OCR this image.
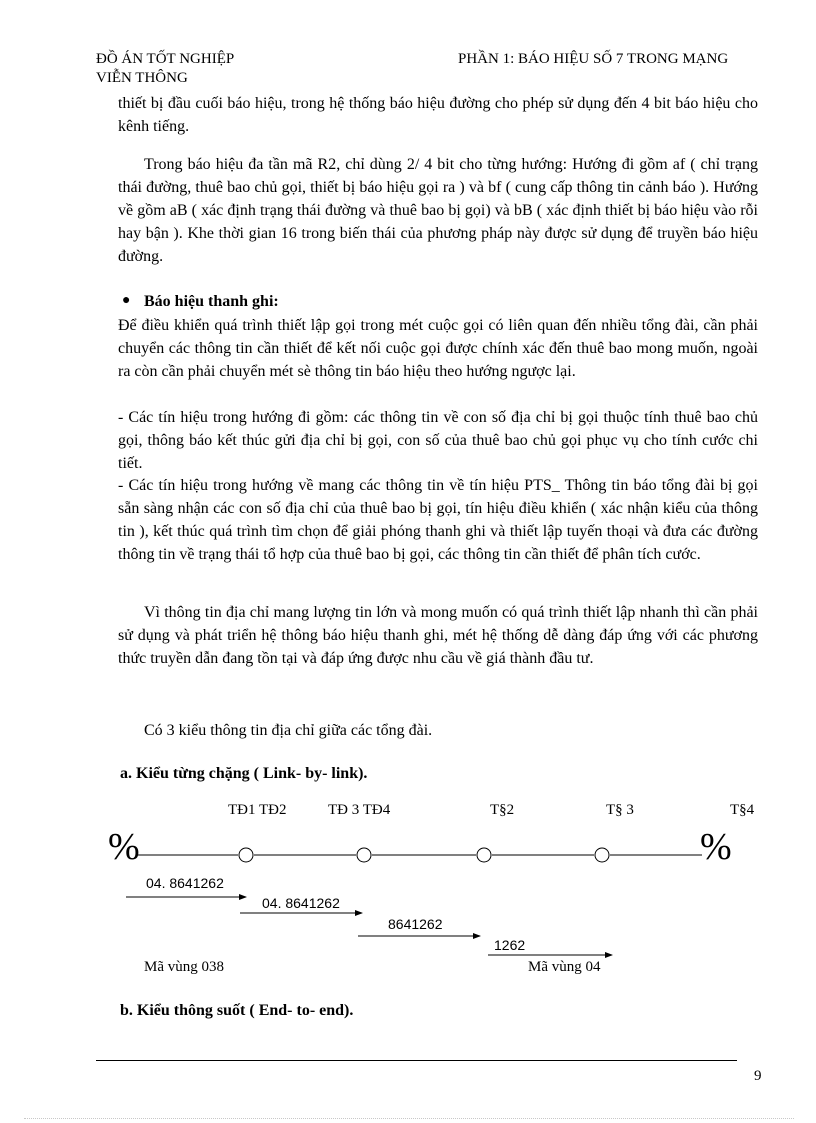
ĐỒ ÁN TỐT NGHIỆP
VIỄN THÔNG
PHẦN 1: BÁO HIỆU SỐ 7 TRONG MẠNG

thiết bị đầu cuối báo hiệu, trong hệ thống báo hiệu đường cho phép sử dụng đến 4 bit báo hiệu cho kênh tiếng.

Trong báo hiệu đa tần mã R2, chỉ dùng 2/ 4 bit cho từng hướng: Hướng đi gồm af ( chỉ trạng thái đường, thuê bao chủ gọi, thiết bị báo hiệu gọi ra ) và bf ( cung cấp thông tin cảnh báo ). Hướng về gồm aB ( xác định trạng thái đường và thuê bao bị gọi) và bB ( xác định thiết bị báo hiệu vào rỗi hay bận ). Khe thời gian 16 trong biến thái của phương pháp này được sử dụng để truyền báo hiệu đường.

● Báo hiệu thanh ghi:

Để điều khiển quá trình thiết lập gọi trong mét cuộc gọi có liên quan đến nhiều tổng đài, cần phải chuyển các thông tin cần thiết để kết nối cuộc gọi được chính xác đến thuê bao mong muốn, ngoài ra còn cần phải chuyển mét sè thông tin báo hiệu theo hướng ngược lại.

- Các tín hiệu trong hướng đi gồm: các thông tin về con số địa chỉ bị gọi thuộc tính thuê bao chủ gọi, thông báo kết thúc gửi địa chỉ bị gọi, con số của thuê bao chủ gọi phục vụ cho tính cước chi tiết.

- Các tín hiệu trong hướng về mang các thông tin về tín hiệu PTS_ Thông tin báo tổng đài bị gọi sẵn sàng nhận các con số địa chỉ của thuê bao bị gọi, tín hiệu điều khiển ( xác nhận kiểu của thông tin ), kết thúc quá trình tìm chọn để giải phóng thanh ghi và thiết lập tuyến thoại và đưa các đường thông tin về trạng thái tổ hợp của thuê bao bị gọi, các thông tin cần thiết để phân tích cước.

Vì thông tin địa chỉ mang lượng tin lớn và mong muốn có quá trình thiết lập nhanh thì cần phải sử dụng và phát triển hệ thông báo hiệu thanh ghi, mét hệ thống dễ dàng đáp ứng với các phương thức truyền dẫn đang tồn tại và đáp ứng được nhu cầu về giá thành đầu tư.

Có 3 kiểu thông tin địa chỉ giữa các tổng đài.

a. Kiểu từng chặng ( Link- by- link).
TĐ1 TĐ2	TĐ 3 TĐ4	T§2	T§ 3	T§4
%	%
04. 8641262
04. 8641262
8641262
1262
Mã vùng 038	Mã vùng 04
b. Kiểu thông suốt ( End- to- end).
9
